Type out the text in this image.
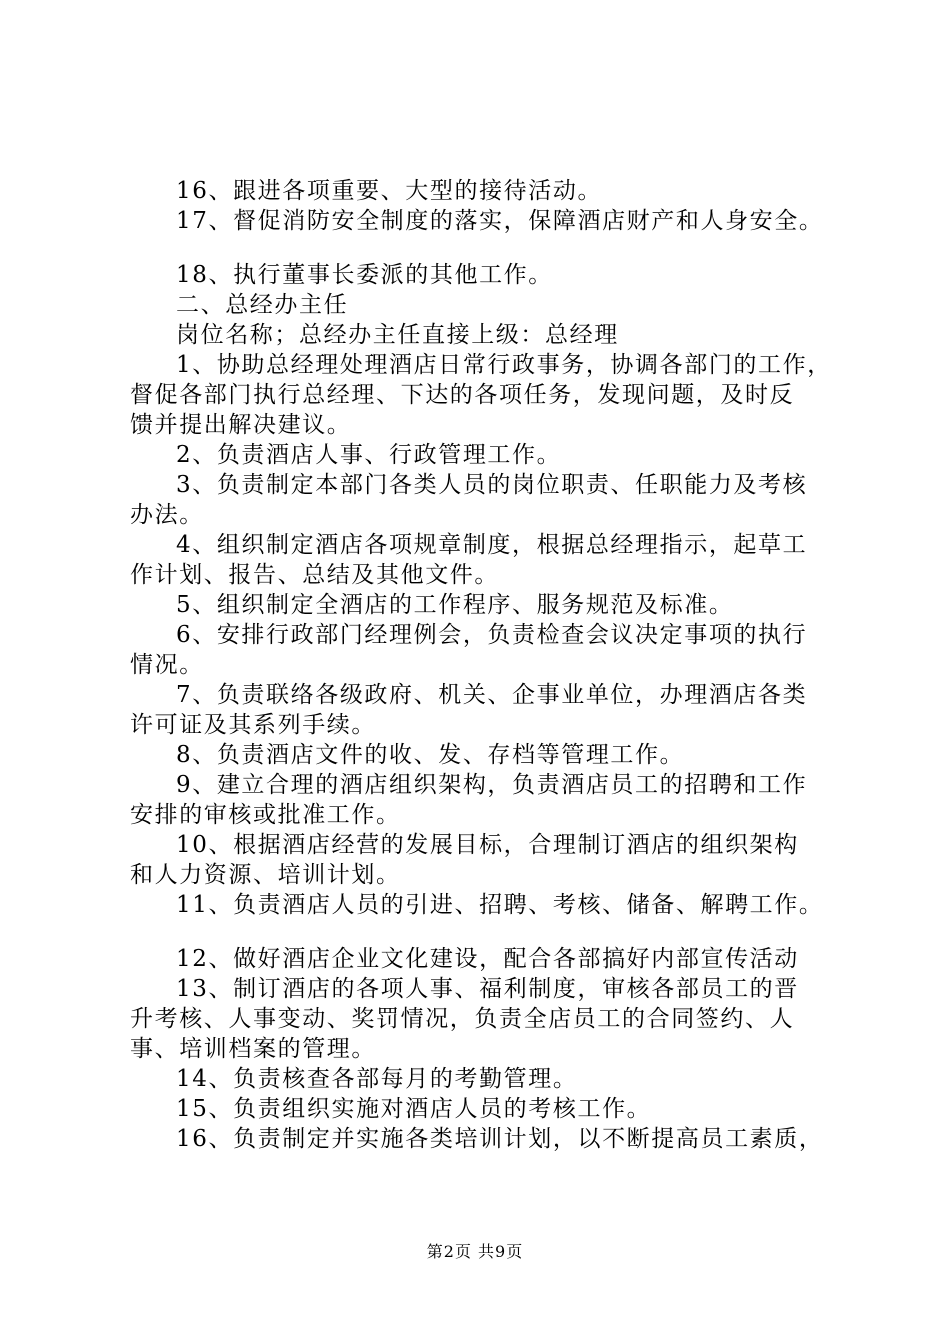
16、跟进各项重要、大型的接待活动。
17、督促消防安全制度的落实，保障酒店财产和人身安全。
18、执行董事长委派的其他工作。
二、总经办主任
岗位名称；总经办主任直接上级：总经理
1、协助总经理处理酒店日常行政事务，协调各部门的工作，
督促各部门执行总经理、下达的各项任务，发现问题，及时反
馈并提出解决建议。
2、负责酒店人事、行政管理工作。
3、负责制定本部门各类人员的岗位职责、任职能力及考核
办法。
4、组织制定酒店各项规章制度，根据总经理指示，起草工
作计划、报告、总结及其他文件。
5、组织制定全酒店的工作程序、服务规范及标准。
6、安排行政部门经理例会，负责检查会议决定事项的执行
情况。
7、负责联络各级政府、机关、企事业单位，办理酒店各类
许可证及其系列手续。
8、负责酒店文件的收、发、存档等管理工作。
9、建立合理的酒店组织架构，负责酒店员工的招聘和工作
安排的审核或批准工作。
10、根据酒店经营的发展目标，合理制订酒店的组织架构
和人力资源、培训计划。
11、负责酒店人员的引进、招聘、考核、储备、解聘工作。
12、做好酒店企业文化建设，配合各部搞好内部宣传活动
13、制订酒店的各项人事、福利制度，审核各部员工的晋
升考核、人事变动、奖罚情况，负责全店员工的合同签约、人
事、培训档案的管理。
14、负责核查各部每月的考勤管理。
15、负责组织实施对酒店人员的考核工作。
16、负责制定并实施各类培训计划，以不断提高员工素质，
第2页 共9页
